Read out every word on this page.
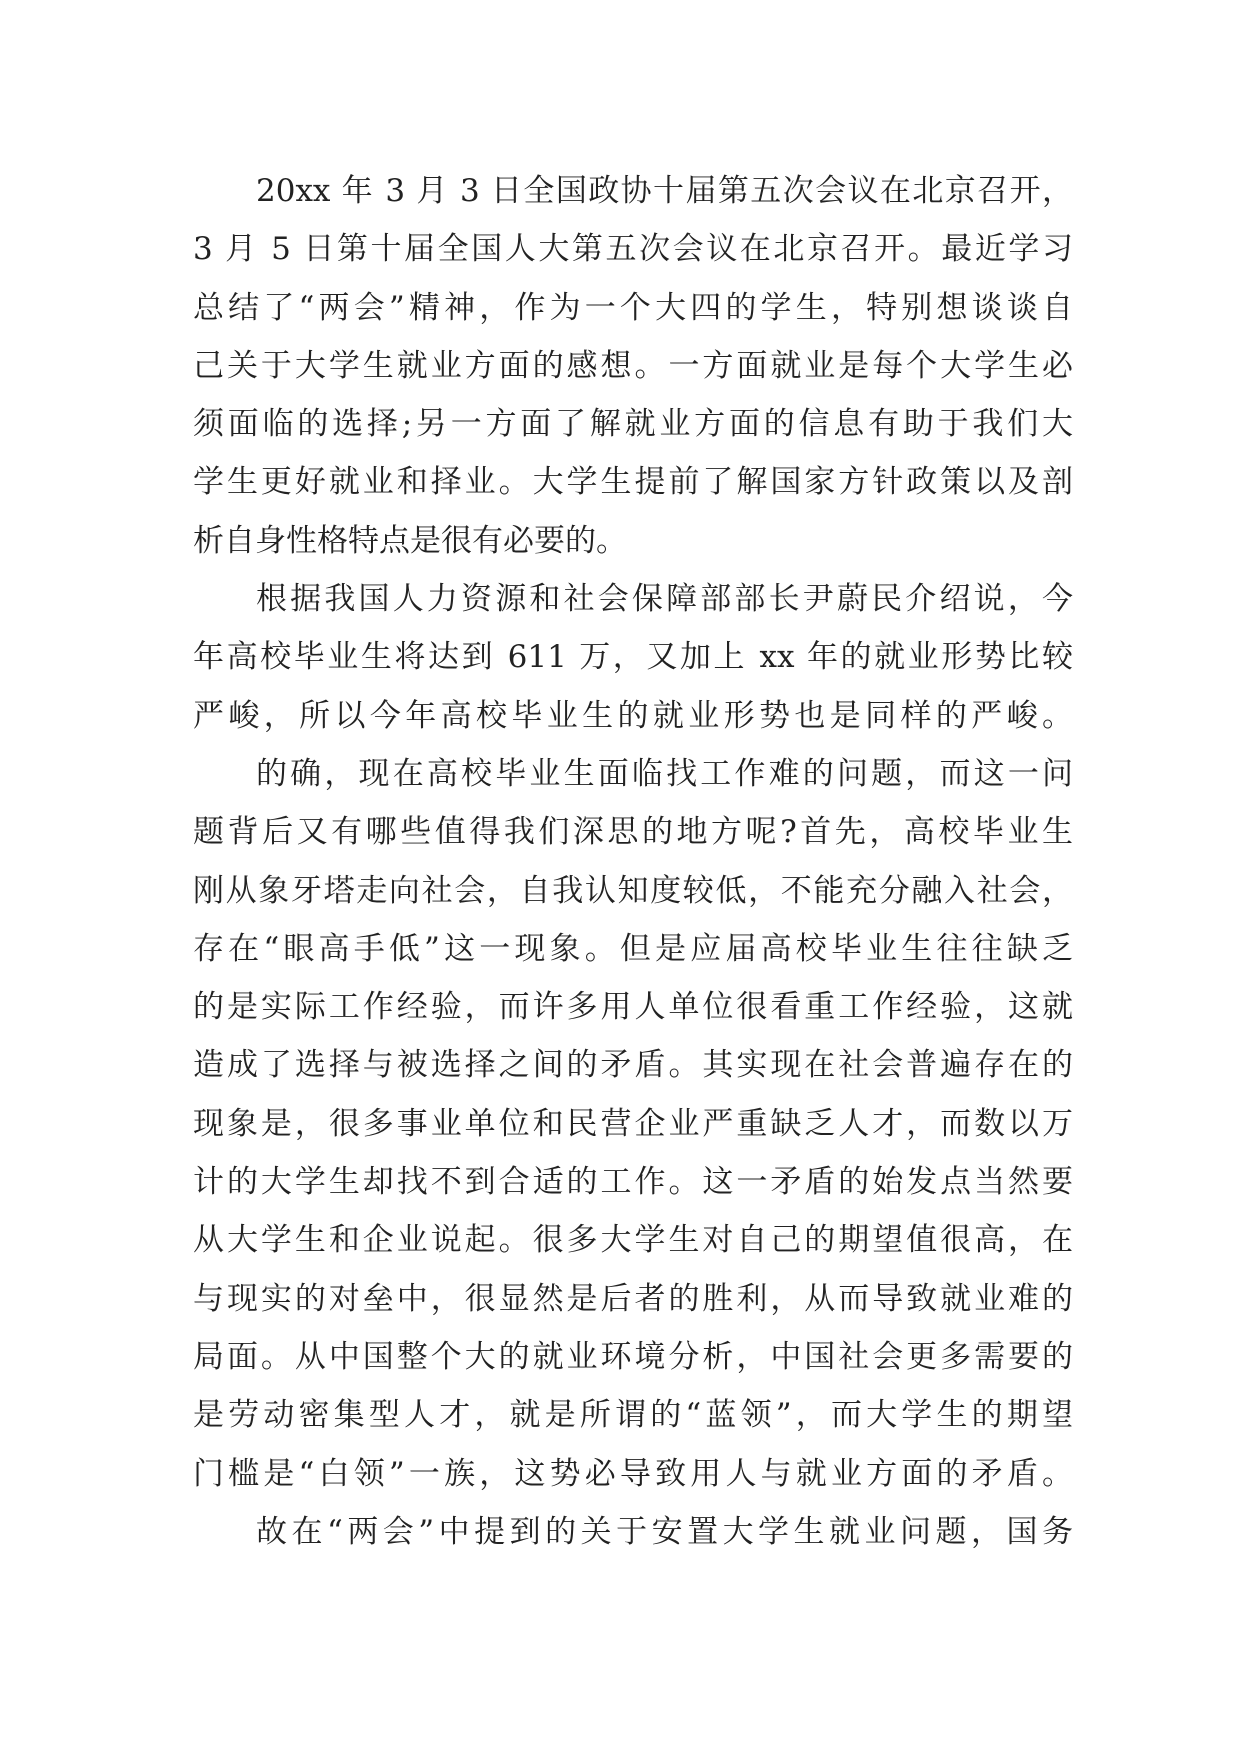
20xx 年 3 月 3 日全国政协十届第五次会议在北京召开，
3 月 5 日第十届全国人大第五次会议在北京召开。最近学习
总结了“两会”精神，作为一个大四的学生，特别想谈谈自
己关于大学生就业方面的感想。一方面就业是每个大学生必
须面临的选择;另一方面了解就业方面的信息有助于我们大
学生更好就业和择业。大学生提前了解国家方针政策以及剖
析自身性格特点是很有必要的。
根据我国人力资源和社会保障部部长尹蔚民介绍说，今
年高校毕业生将达到 611 万，又加上 xx 年的就业形势比较
严峻，所以今年高校毕业生的就业形势也是同样的严峻。
的确，现在高校毕业生面临找工作难的问题，而这一问
题背后又有哪些值得我们深思的地方呢?首先，高校毕业生
刚从象牙塔走向社会，自我认知度较低，不能充分融入社会，
存在“眼高手低”这一现象。但是应届高校毕业生往往缺乏
的是实际工作经验，而许多用人单位很看重工作经验，这就
造成了选择与被选择之间的矛盾。其实现在社会普遍存在的
现象是，很多事业单位和民营企业严重缺乏人才，而数以万
计的大学生却找不到合适的工作。这一矛盾的始发点当然要
从大学生和企业说起。很多大学生对自己的期望值很高，在
与现实的对垒中，很显然是后者的胜利，从而导致就业难的
局面。从中国整个大的就业环境分析，中国社会更多需要的
是劳动密集型人才，就是所谓的“蓝领”，而大学生的期望
门槛是“白领”一族，这势必导致用人与就业方面的矛盾。
故在“两会”中提到的关于安置大学生就业问题，国务
